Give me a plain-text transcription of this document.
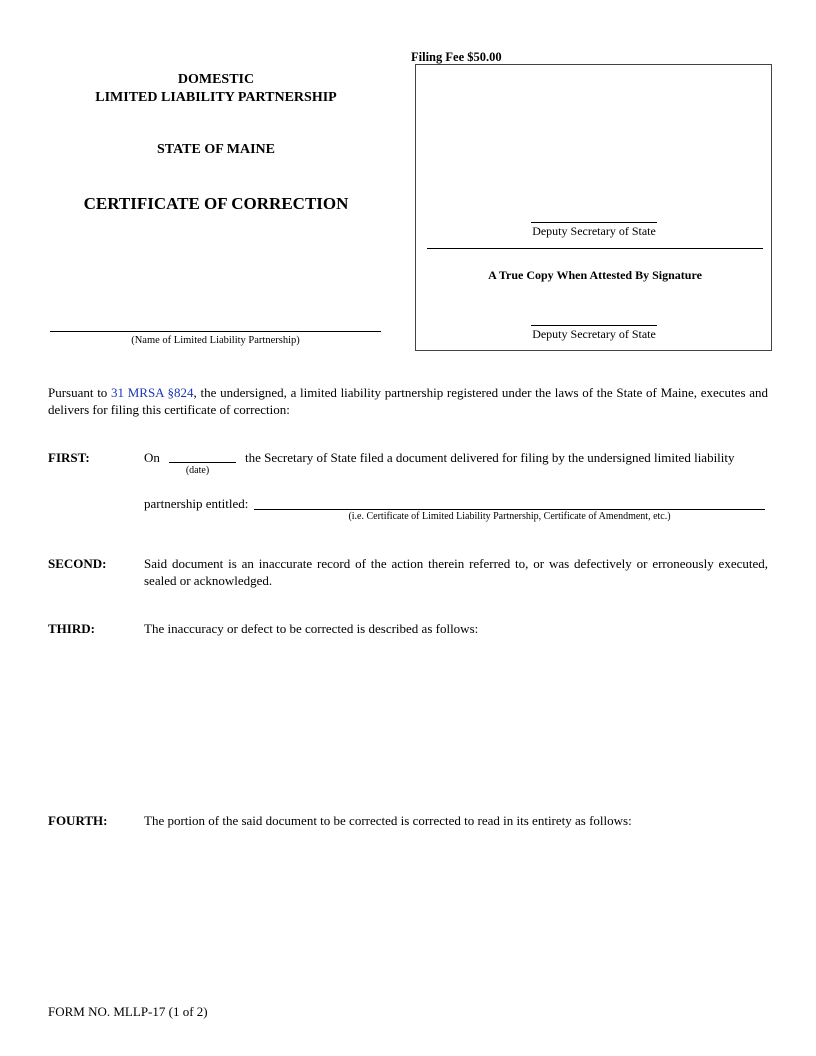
DOMESTIC
LIMITED LIABILITY PARTNERSHIP
STATE OF MAINE
CERTIFICATE OF CORRECTION
(Name of Limited Liability Partnership)
Filing Fee $50.00
Deputy Secretary of State
A True Copy When Attested By Signature
Deputy Secretary of State
Pursuant to 31 MRSA §824, the undersigned, a limited liability partnership registered under the laws of the State of Maine, executes and delivers for filing this certificate of correction:
FIRST:	On	the Secretary of State filed a document delivered for filing by the undersigned limited liability
(date)
partnership entitled:
(i.e. Certificate of Limited Liability Partnership, Certificate of Amendment, etc.)
SECOND:	Said document is an inaccurate record of the action therein referred to, or was defectively or erroneously executed, sealed or acknowledged.
THIRD:	The inaccuracy or defect to be corrected is described as follows:
FOURTH:	The portion of the said document to be corrected is corrected to read in its entirety as follows:
FORM NO. MLLP-17 (1 of 2)
